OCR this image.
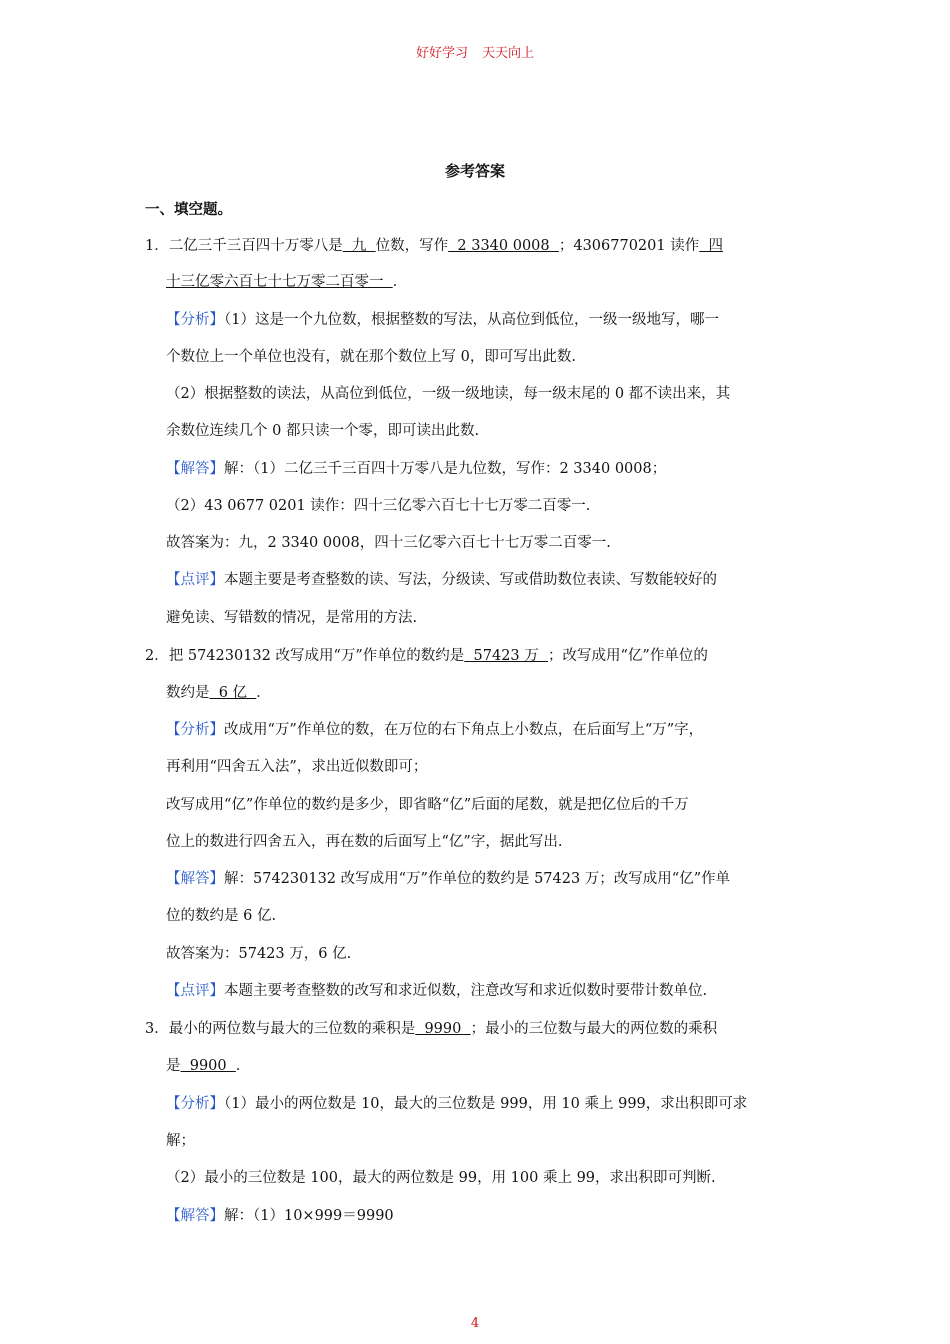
好好学习 天天向上
参考答案
一、填空题。
1．二亿三千三百四十万零八是  九  位数，写作  2 3340 0008  ；4306770201 读作  四
十三亿零六百七十七万零二百零一  ．
【分析】（1）这是一个九位数，根据整数的写法，从高位到低位，一级一级地写，哪一
个数位上一个单位也没有，就在那个数位上写 0，即可写出此数.
（2）根据整数的读法，从高位到低位，一级一级地读，每一级末尾的 0 都不读出来，其
余数位连续几个 0 都只读一个零，即可读出此数.
【解答】解：（1）二亿三千三百四十万零八是九位数，写作：2 3340 0008；
（2）43 0677 0201 读作：四十三亿零六百七十七万零二百零一.
故答案为：九，2 3340 0008，四十三亿零六百七十七万零二百零一.
【点评】本题主要是考查整数的读、写法，分级读、写或借助数位表读、写数能较好的
避免读、写错数的情况，是常用的方法.
2．把 574230132 改写成用“万”作单位的数约是  57423 万  ；改写成用“亿”作单位的
数约是  6 亿  ．
【分析】改成用“万”作单位的数，在万位的右下角点上小数点，在后面写上“万”字，
再利用“四舍五入法”，求出近似数即可；
改写成用“亿”作单位的数约是多少，即省略“亿”后面的尾数，就是把亿位后的千万
位上的数进行四舍五入，再在数的后面写上“亿”字，据此写出.
【解答】解：574230132 改写成用“万”作单位的数约是 57423 万；改写成用“亿”作单
位的数约是 6 亿.
故答案为：57423 万，6 亿.
【点评】本题主要考查整数的改写和求近似数，注意改写和求近似数时要带计数单位.
3．最小的两位数与最大的三位数的乘积是  9990  ；最小的三位数与最大的两位数的乘积
是  9900  ．
【分析】（1）最小的两位数是 10，最大的三位数是 999，用 10 乘上 999，求出积即可求
解；
（2）最小的三位数是 100，最大的两位数是 99，用 100 乘上 99，求出积即可判断.
【解答】解：（1）10×999＝9990
4
